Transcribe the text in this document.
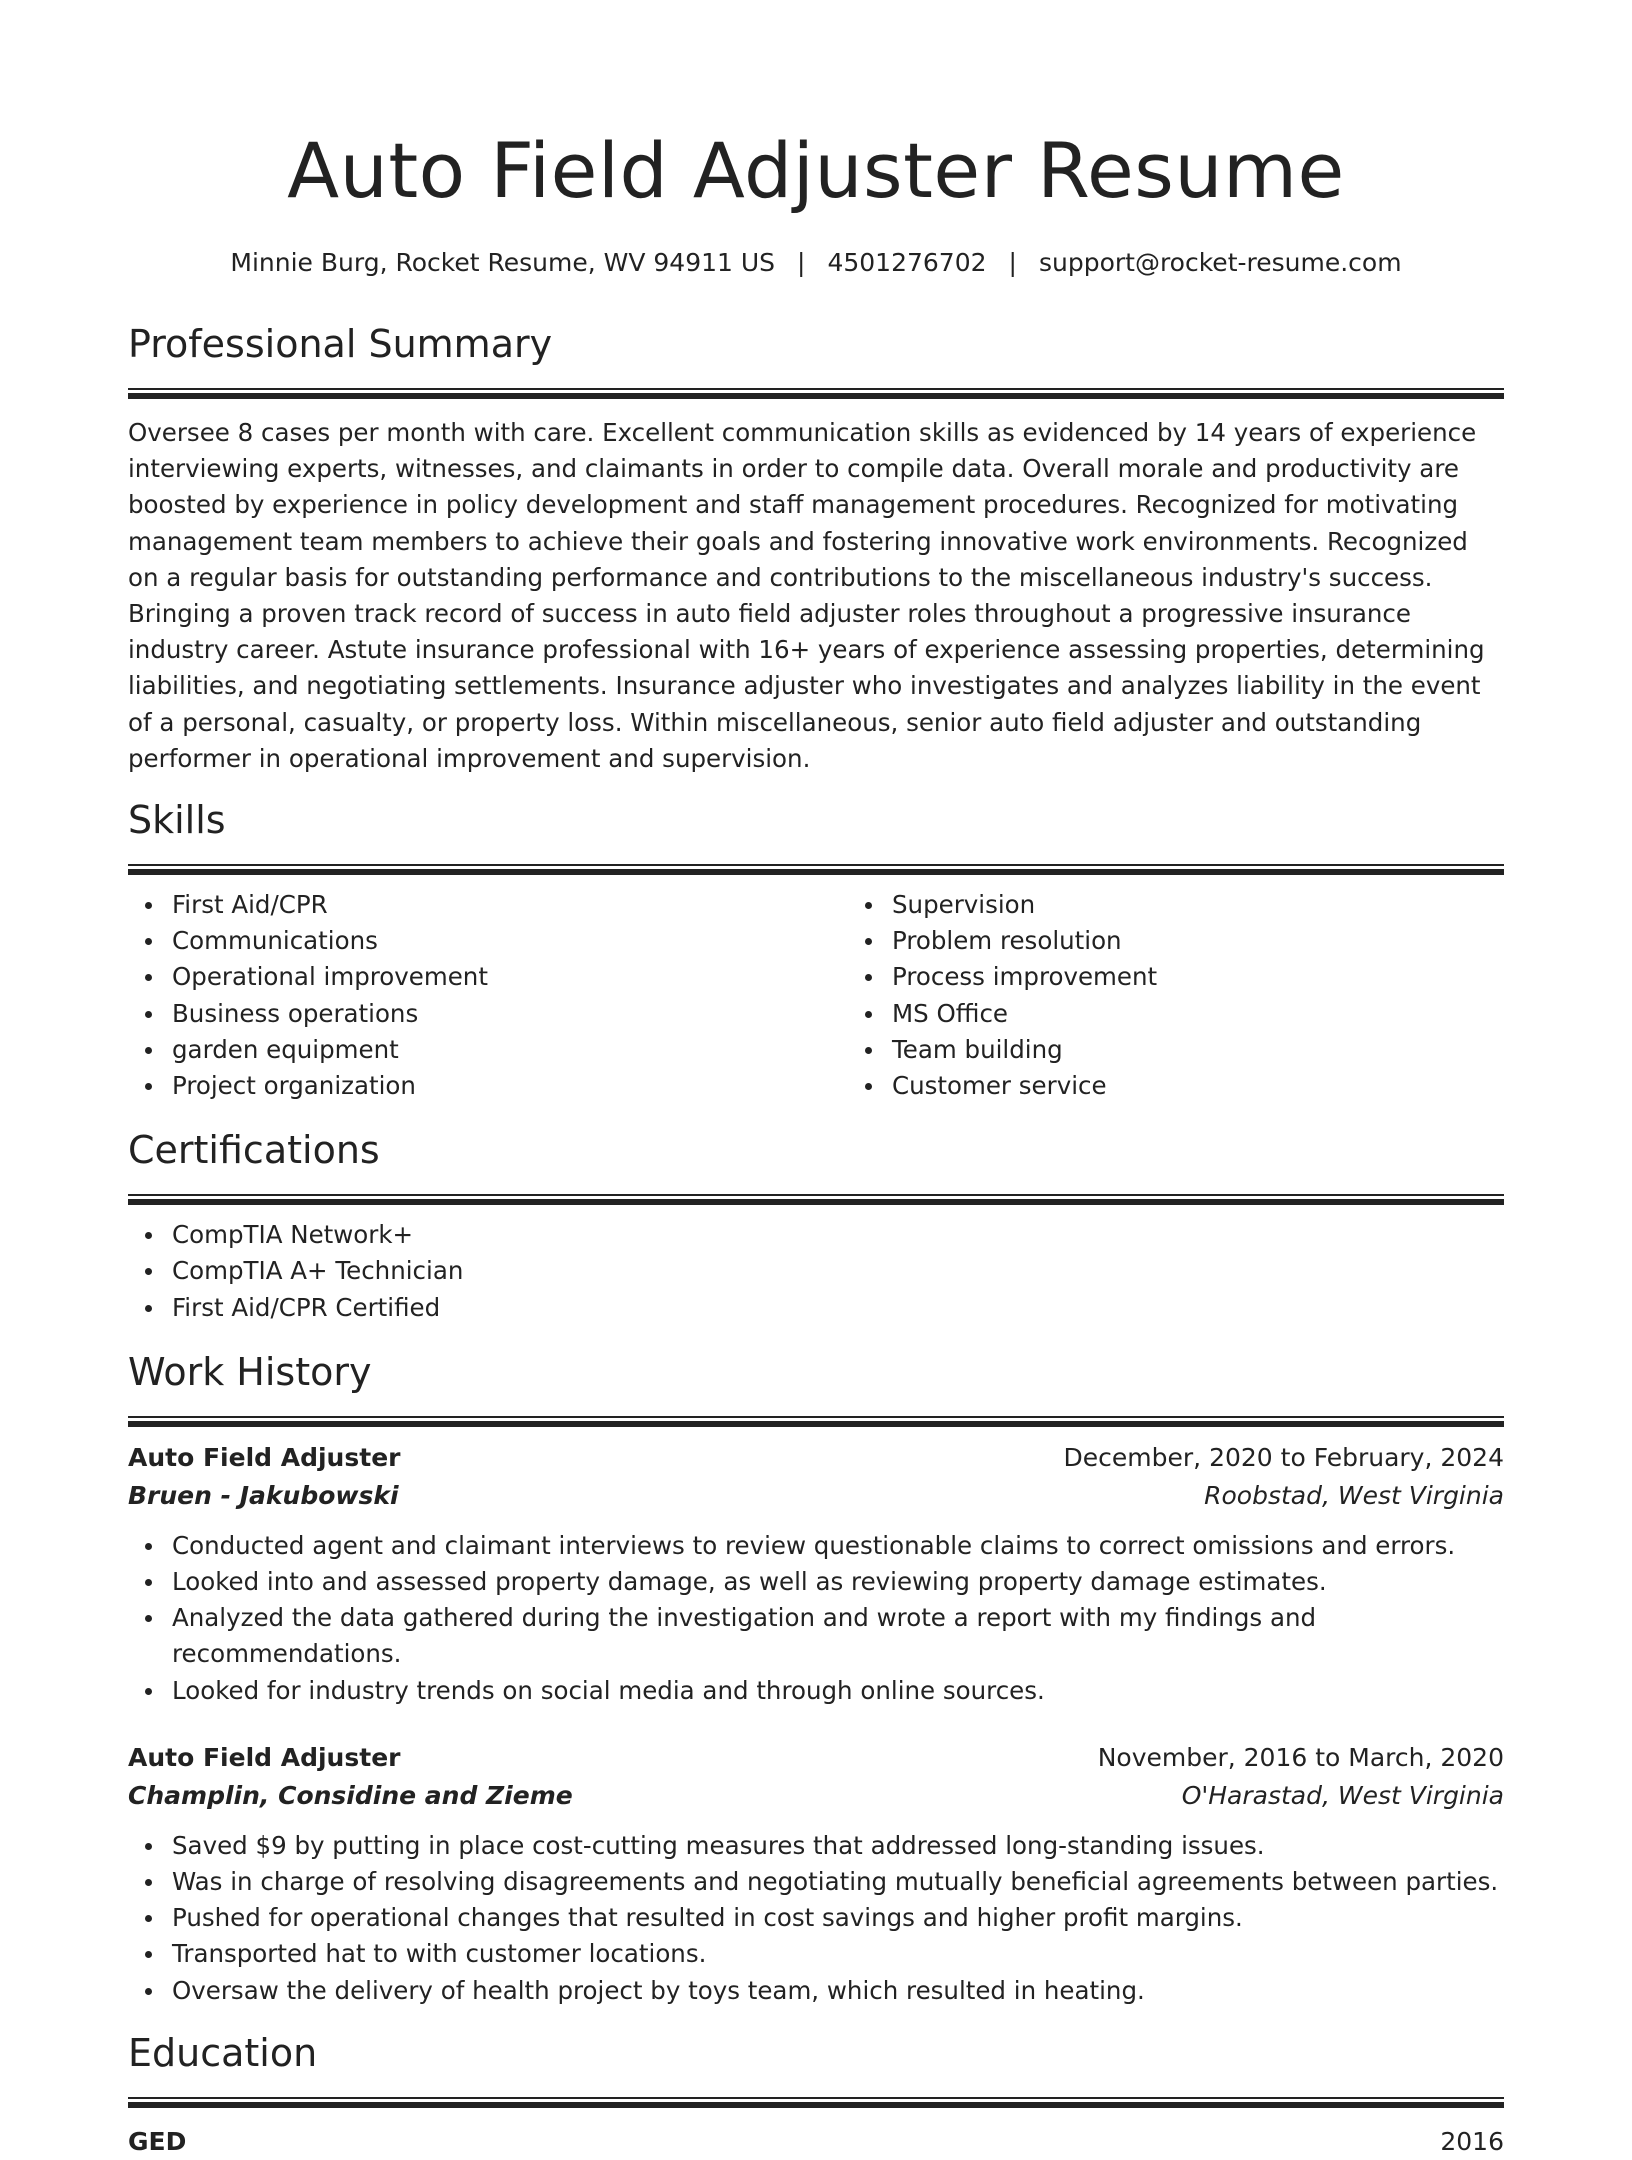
Auto Field Adjuster Resume
Minnie Burg, Rocket Resume, WV 94911 US | 4501276702 | support@rocket-resume.com
Professional Summary
Oversee 8 cases per month with care. Excellent communication skills as evidenced by 14 years of experience interviewing experts, witnesses, and claimants in order to compile data. Overall morale and productivity are boosted by experience in policy development and staff management procedures. Recognized for motivating management team members to achieve their goals and fostering innovative work environments. Recognized on a regular basis for outstanding performance and contributions to the miscellaneous industry's success. Bringing a proven track record of success in auto field adjuster roles throughout a progressive insurance industry career. Astute insurance professional with 16+ years of experience assessing properties, determining liabilities, and negotiating settlements. Insurance adjuster who investigates and analyzes liability in the event of a personal, casualty, or property loss. Within miscellaneous, senior auto field adjuster and outstanding performer in operational improvement and supervision.
Skills
First Aid/CPR
Communications
Operational improvement
Business operations
garden equipment
Project organization
Supervision
Problem resolution
Process improvement
MS Office
Team building
Customer service
Certifications
CompTIA Network+
CompTIA A+ Technician
First Aid/CPR Certified
Work History
Auto Field Adjuster	December, 2020 to February, 2024
Bruen - Jakubowski	Roobstad, West Virginia
Conducted agent and claimant interviews to review questionable claims to correct omissions and errors.
Looked into and assessed property damage, as well as reviewing property damage estimates.
Analyzed the data gathered during the investigation and wrote a report with my findings and recommendations.
Looked for industry trends on social media and through online sources.
Auto Field Adjuster	November, 2016 to March, 2020
Champlin, Considine and Zieme	O'Harastad, West Virginia
Saved $9 by putting in place cost-cutting measures that addressed long-standing issues.
Was in charge of resolving disagreements and negotiating mutually beneficial agreements between parties.
Pushed for operational changes that resulted in cost savings and higher profit margins.
Transported hat to with customer locations.
Oversaw the delivery of health project by toys team, which resulted in heating.
Education
GED	2016
